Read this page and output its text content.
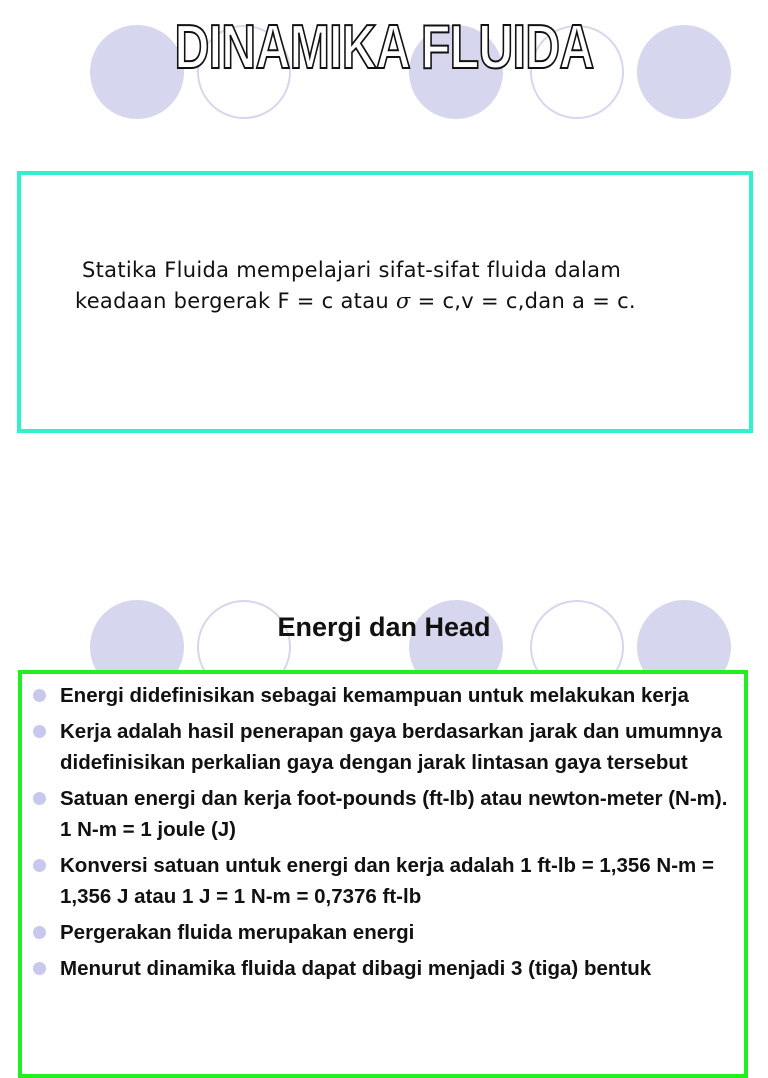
DINAMIKA FLUIDA
Statika Fluida mempelajari sifat-sifat fluida dalam
keadaan bergerak F = c atau σ = c,v = c,dan a = c.
Energi dan Head
Energi didefinisikan sebagai kemampuan untuk melakukan kerja
Kerja adalah hasil penerapan gaya berdasarkan jarak dan umumnya didefinisikan perkalian gaya dengan jarak lintasan gaya tersebut
Satuan energi dan kerja foot-pounds (ft-lb) atau newton-meter (N-m). 1 N-m = 1 joule (J)
Konversi satuan untuk energi dan kerja adalah 1 ft-lb = 1,356 N-m = 1,356 J atau 1 J = 1 N-m = 0,7376 ft-lb
Pergerakan fluida merupakan energi
Menurut dinamika fluida dapat dibagi menjadi 3 (tiga) bentuk
